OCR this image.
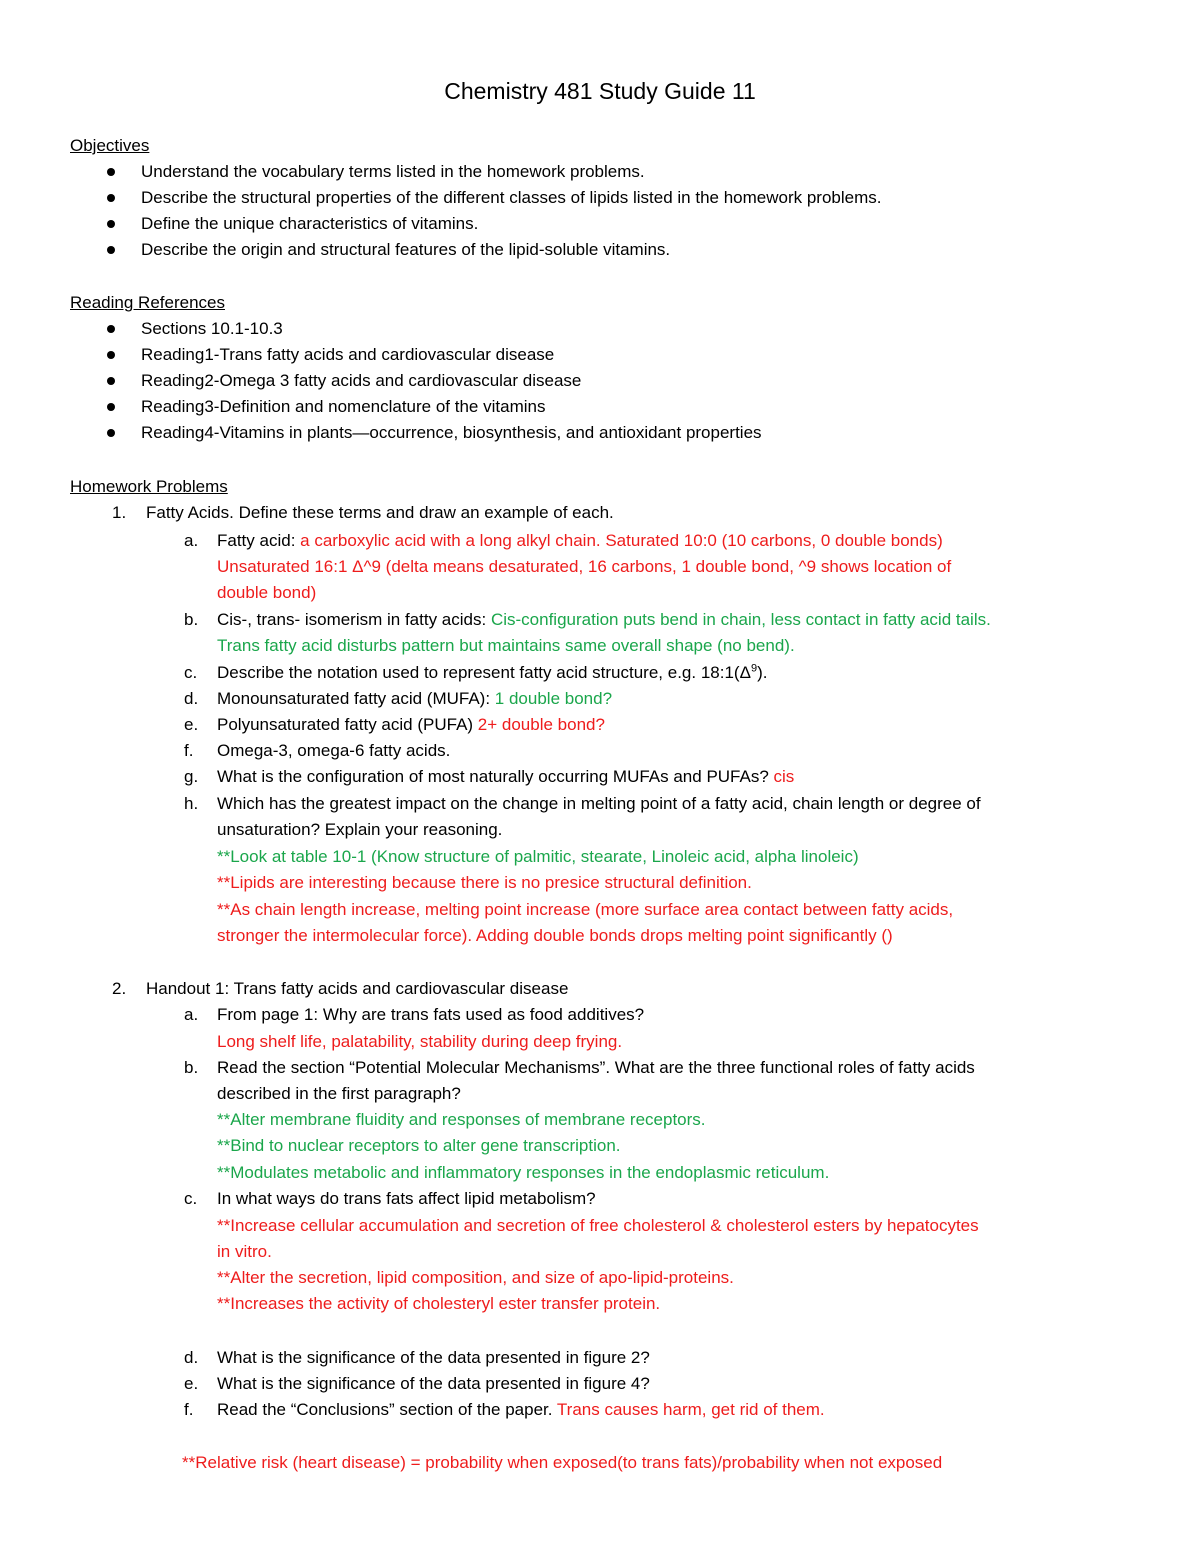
Chemistry 481 Study Guide 11
Objectives
Understand the vocabulary terms listed in the homework problems.
Describe the structural properties of the different classes of lipids listed in the homework problems.
Define the unique characteristics of vitamins.
Describe the origin and structural features of the lipid-soluble vitamins.
Reading References
Sections 10.1-10.3
Reading1-Trans fatty acids and cardiovascular disease
Reading2-Omega 3 fatty acids and cardiovascular disease
Reading3-Definition and nomenclature of the vitamins
Reading4-Vitamins in plants—occurrence, biosynthesis, and antioxidant properties
Homework Problems
1.	Fatty Acids. Define these terms and draw an example of each.
a.	Fatty acid: a carboxylic acid with a long alkyl chain. Saturated 10:0 (10 carbons, 0 double bonds)
Unsaturated 16:1 Δ^9 (delta means desaturated, 16 carbons, 1 double bond, ^9 shows location of
double bond)
b.	Cis-, trans- isomerism in fatty acids: Cis-configuration puts bend in chain, less contact in fatty acid tails.
Trans fatty acid disturbs pattern but maintains same overall shape (no bend).
c.	Describe the notation used to represent fatty acid structure, e.g. $18:1(\Delta^9)$.
d.	Monounsaturated fatty acid (MUFA): 1 double bond?
e.	Polyunsaturated fatty acid (PUFA) 2+ double bond?
f.	Omega-3, omega-6 fatty acids.
g.	What is the configuration of most naturally occurring MUFAs and PUFAs? cis
h.	Which has the greatest impact on the change in melting point of a fatty acid, chain length or degree of
unsaturation? Explain your reasoning.
**Look at table 10-1 (Know structure of palmitic, stearate, Linoleic acid, alpha linoleic)
**Lipids are interesting because there is no presice structural definition.
**As chain length increase, melting point increase (more surface area contact between fatty acids,
stronger the intermolecular force). Adding double bonds drops melting point significantly ()
2.	Handout 1: Trans fatty acids and cardiovascular disease
a.	From page 1: Why are trans fats used as food additives?
Long shelf life, palatability, stability during deep frying.
b.	Read the section “Potential Molecular Mechanisms”. What are the three functional roles of fatty acids
described in the first paragraph?
**Alter membrane fluidity and responses of membrane receptors.
**Bind to nuclear receptors to alter gene transcription.
**Modulates metabolic and inflammatory responses in the endoplasmic reticulum.
c.	In what ways do trans fats affect lipid metabolism?
**Increase cellular accumulation and secretion of free cholesterol & cholesterol esters by hepatocytes
in vitro.
**Alter the secretion, lipid composition, and size of apo-lipid-proteins.
**Increases the activity of cholesteryl ester transfer protein.
d.	What is the significance of the data presented in figure 2?
e.	What is the significance of the data presented in figure 4?
f.	Read the “Conclusions” section of the paper. Trans causes harm, get rid of them.
**Relative risk (heart disease) = probability when exposed(to trans fats)/probability when not exposed
